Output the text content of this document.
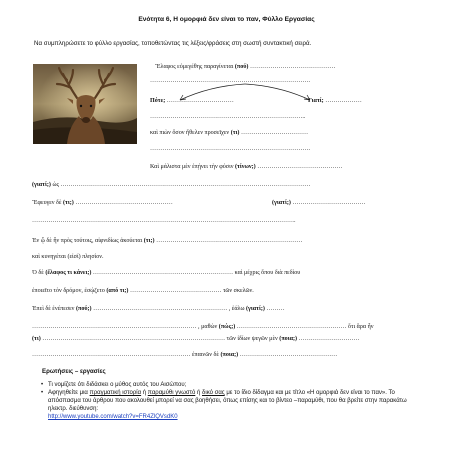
Ενότητα 6, Η ομορφιά δεν είναι το παν, Φύλλο Εργασίας
Να συμπληρώσετε το φύλλο εργασίας, τοποθετώντας τις λέξεις/φράσεις στη σωστή συντακτική σειρά.
Ἔλαφος εὐμεγέθης παραγίνεται (πού) ……………………………………
…………………………………………………………………….
Πότε; ……………………………	Γιατί; ………………
…………………………………………………………………..
καὶ πιὼν ὅσον ἤθελεν προσεῖχεν (τι) ……………………………
…………………………………………………………………….
Καὶ μάλιστα μὲν ἐπῄνει τὴν φύσιν (τίνων;) ……………………………………
(γιατί;) ὡς ……………………………………………………………………………………………………………
Ἔφευγεν δὲ (τι;) …………………………………………	(γιατί;) ………………………………
………………………………………………………………………………………………………………….
Ἐν ᾧ δὲ ἦν πρὸς τούτοις, αἰφνιδίως ἀκούεται (τι;) ………………………………………………………………
καὶ κυνηγέται (εἰσί) πλησίον.
Ὁ δὲ (ἔλαφος τι κάνει;) …………………………………………………………… καὶ μέχρις ὅπου διὰ πεδίου
ἐποιεῖτο τὸν δρόμον, ἐσῴζετο (από τι;) ……………………………………… τῶν σκελῶν.
Ἐπεὶ δὲ ἐνέπεσεν (πού;) ………………………………………………………… , ἑάλω (γιατί;) ………
……………………………………………………………………… , μαθὼν (πώς;) ……………………………………………… ὅτι ἄρα ἦν
(τι) ……………………………………………………………………………… τῶν ἰδίων ψεγῶν μὲν (ποια;) …………………………
…………………………………………………………………… ἐπαινῶν δὲ (ποια;) …………………………………………
Ερωτήσεις – εργασίες
• Τι νομίζετε ότι διδάσκει ο μύθος αυτός του Αισώπου;
• Αφηγηθείτε μια πραγματική ιστορία ή παραμύθι γνωστό ή δικό σας με το ίδιο δίδαγμα και με τίτλο «Η ομορφιά δεν είναι το παν». Το απόσπασμα του άρθρου που ακολουθεί μπορεί να σας βοηθήσει, όπως επίσης και το βίντεο –παραμύθι, που θα βρείτε στην παρακάτω ηλεκτρ. διεύθυνση:
http://www.youtube.com/watch?v=FR4ZlQVsdK0
